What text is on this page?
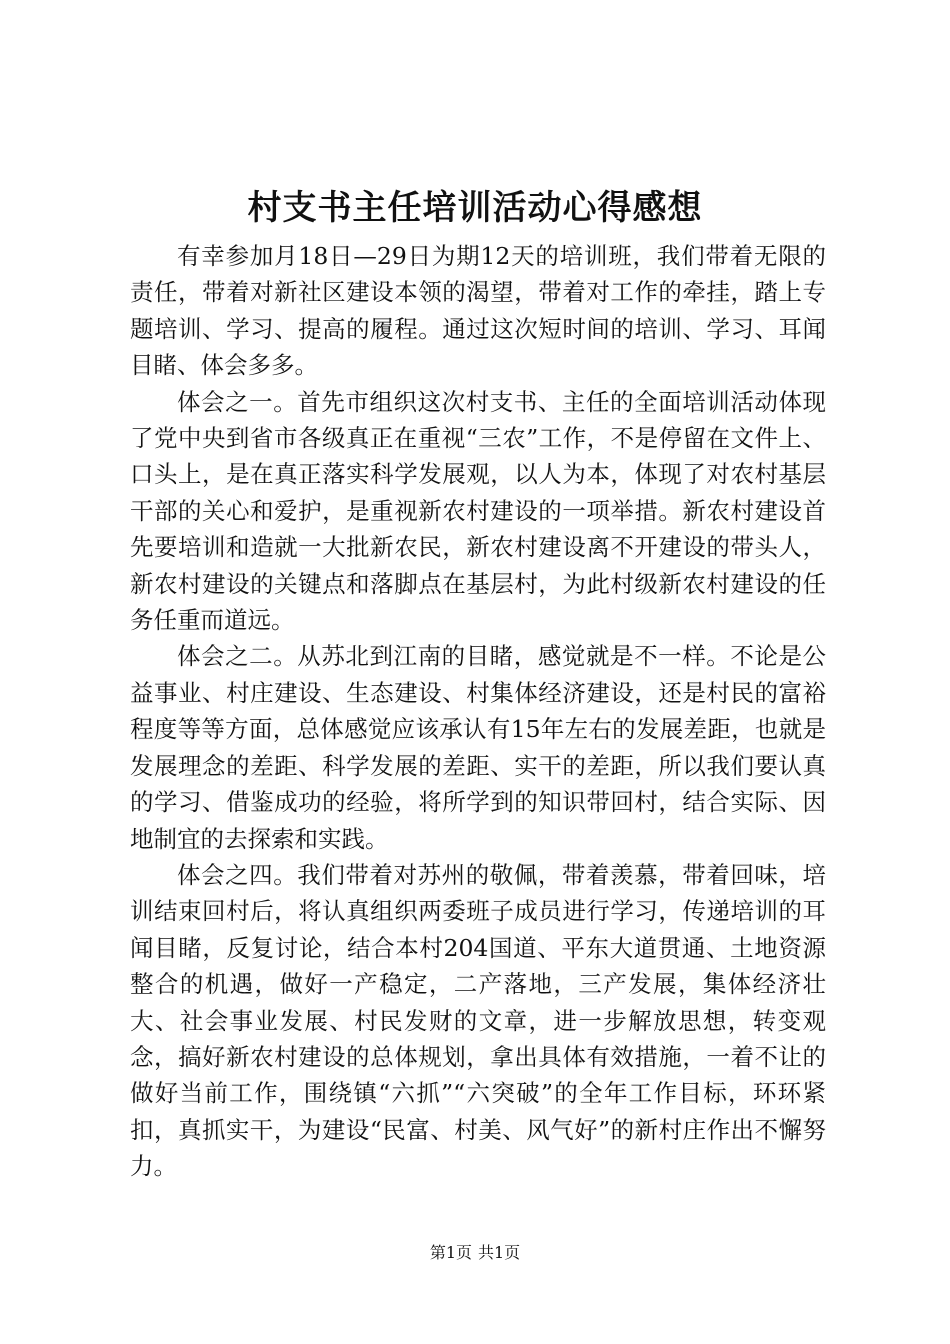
村支书主任培训活动心得感想

有幸参加月18日—29日为期12天的培训班，我们带着无限的责任，带着对新社区建设本领的渴望，带着对工作的牵挂，踏上专题培训、学习、提高的履程。通过这次短时间的培训、学习、耳闻目睹、体会多多。

体会之一。首先市组织这次村支书、主任的全面培训活动体现了党中央到省市各级真正在重视“三农”工作，不是停留在文件上、口头上，是在真正落实科学发展观，以人为本，体现了对农村基层干部的关心和爱护，是重视新农村建设的一项举措。新农村建设首先要培训和造就一大批新农民，新农村建设离不开建设的带头人，新农村建设的关键点和落脚点在基层村，为此村级新农村建设的任务任重而道远。

体会之二。从苏北到江南的目睹，感觉就是不一样。不论是公益事业、村庄建设、生态建设、村集体经济建设，还是村民的富裕程度等等方面，总体感觉应该承认有15年左右的发展差距，也就是发展理念的差距、科学发展的差距、实干的差距，所以我们要认真的学习、借鉴成功的经验，将所学到的知识带回村，结合实际、因地制宜的去探索和实践。

体会之四。我们带着对苏州的敬佩，带着羡慕，带着回味，培训结束回村后，将认真组织两委班子成员进行学习，传递培训的耳闻目睹，反复讨论，结合本村204国道、平东大道贯通、土地资源整合的机遇，做好一产稳定，二产落地，三产发展，集体经济壮大、社会事业发展、村民发财的文章，进一步解放思想，转变观念，搞好新农村建设的总体规划，拿出具体有效措施，一着不让的做好当前工作，围绕镇“六抓”“六突破”的全年工作目标，环环紧扣，真抓实干，为建设“民富、村美、风气好”的新村庄作出不懈努力。

第1页 共1页
